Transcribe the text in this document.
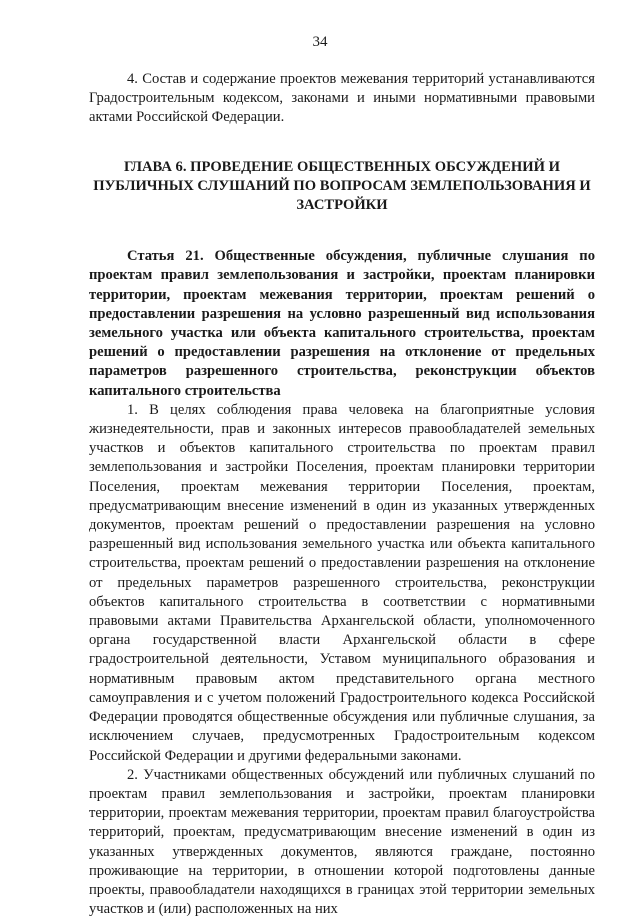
34

4. Состав и содержание проектов межевания территорий устанавливаются Градостроительным кодексом, законами и иными нормативными правовыми актами Российской Федерации.

ГЛАВА 6. ПРОВЕДЕНИЕ ОБЩЕСТВЕННЫХ ОБСУЖДЕНИЙ И ПУБЛИЧНЫХ СЛУШАНИЙ ПО ВОПРОСАМ ЗЕМЛЕПОЛЬЗОВАНИЯ И ЗАСТРОЙКИ

Статья 21. Общественные обсуждения, публичные слушания по проектам правил землепользования и застройки, проектам планировки территории, проектам межевания территории, проектам решений о предоставлении разрешения на условно разрешенный вид использования земельного участка или объекта капитального строительства, проектам решений о предоставлении разрешения на отклонение от предельных параметров разрешенного строительства, реконструкции объектов капитального строительства

1. В целях соблюдения права человека на благоприятные условия жизнедеятельности, прав и законных интересов правообладателей земельных участков и объектов капитального строительства по проектам правил землепользования и застройки Поселения, проектам планировки территории Поселения, проектам межевания территории Поселения, проектам, предусматривающим внесение изменений в один из указанных утвержденных документов, проектам решений о предоставлении разрешения на условно разрешенный вид использования земельного участка или объекта капитального строительства, проектам решений о предоставлении разрешения на отклонение от предельных параметров разрешенного строительства, реконструкции объектов капитального строительства в соответствии с нормативными правовыми актами Правительства Архангельской области, уполномоченного органа государственной власти Архангельской области в сфере градостроительной деятельности, Уставом муниципального образования и нормативным правовым актом представительного органа местного самоуправления и с учетом положений Градостроительного кодекса Российской Федерации проводятся общественные обсуждения или публичные слушания, за исключением случаев, предусмотренных Градостроительным кодексом Российской Федерации и другими федеральными законами.

2. Участниками общественных обсуждений или публичных слушаний по проектам правил землепользования и застройки, проектам планировки территории, проектам межевания территории, проектам правил благоустройства территорий, проектам, предусматривающим внесение изменений в один из указанных утвержденных документов, являются граждане, постоянно проживающие на территории, в отношении которой подготовлены данные проекты, правообладатели находящихся в границах этой территории земельных участков и (или) расположенных на них
